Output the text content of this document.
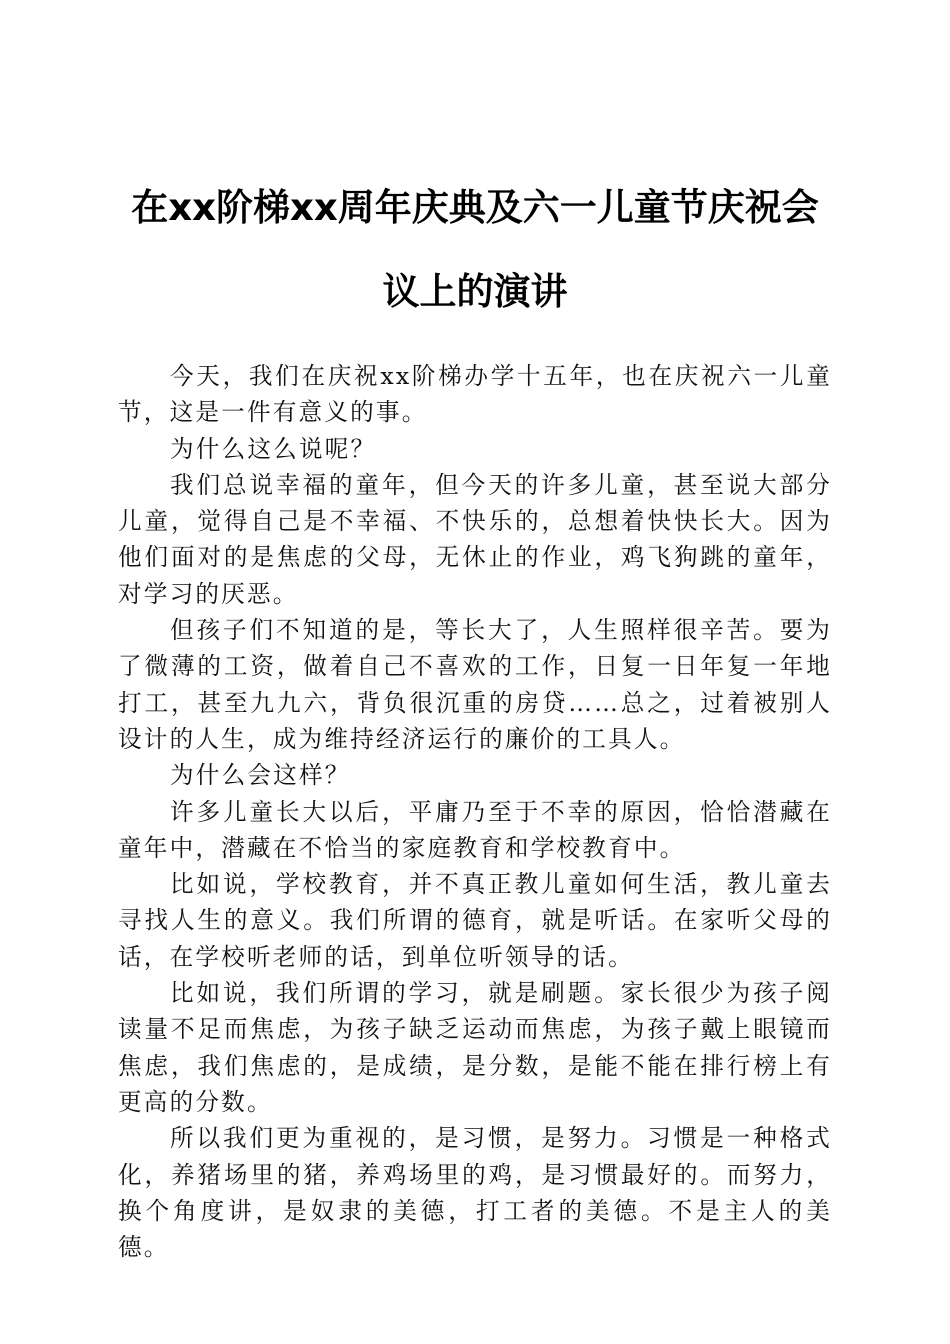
在xx阶梯xx周年庆典及六一儿童节庆祝会
议上的演讲

今天，我们在庆祝xx阶梯办学十五年，也在庆祝六一儿童节，这是一件有意义的事。

为什么这么说呢？

我们总说幸福的童年，但今天的许多儿童，甚至说大部分儿童，觉得自己是不幸福、不快乐的，总想着快快长大。因为他们面对的是焦虑的父母，无休止的作业，鸡飞狗跳的童年，对学习的厌恶。

但孩子们不知道的是，等长大了，人生照样很辛苦。要为了微薄的工资，做着自己不喜欢的工作，日复一日年复一年地打工，甚至九九六，背负很沉重的房贷……总之，过着被别人设计的人生，成为维持经济运行的廉价的工具人。

为什么会这样？

许多儿童长大以后，平庸乃至于不幸的原因，恰恰潜藏在童年中，潜藏在不恰当的家庭教育和学校教育中。

比如说，学校教育，并不真正教儿童如何生活，教儿童去寻找人生的意义。我们所谓的德育，就是听话。在家听父母的话，在学校听老师的话，到单位听领导的话。

比如说，我们所谓的学习，就是刷题。家长很少为孩子阅读量不足而焦虑，为孩子缺乏运动而焦虑，为孩子戴上眼镜而焦虑，我们焦虑的，是成绩，是分数，是能不能在排行榜上有更高的分数。

所以我们更为重视的，是习惯，是努力。习惯是一种格式化，养猪场里的猪，养鸡场里的鸡，是习惯最好的。而努力，换个角度讲，是奴隶的美德，打工者的美德。不是主人的美德。
